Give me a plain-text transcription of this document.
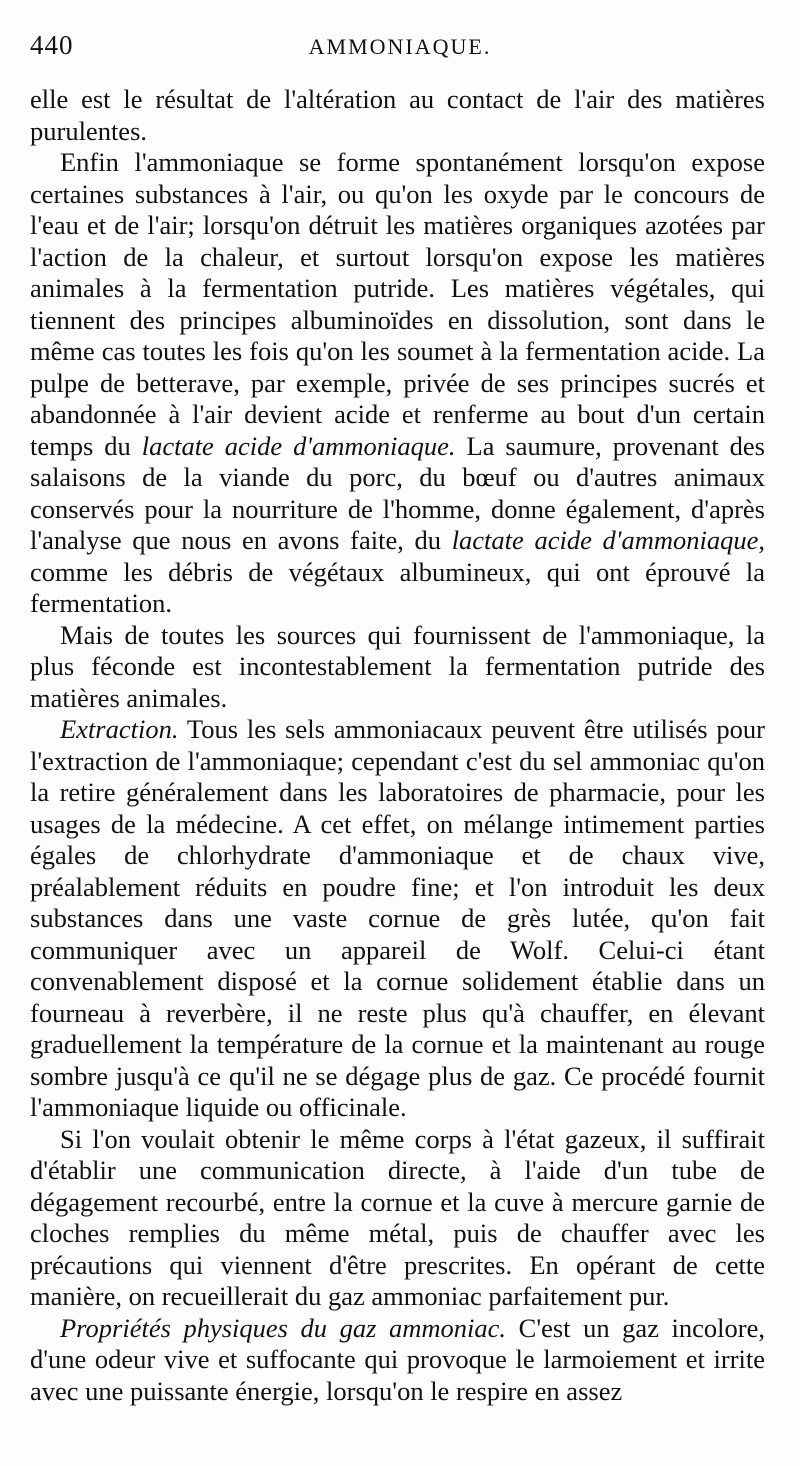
440	AMMONIAQUE.

elle est le résultat de l'altération au contact de l'air des matières purulentes.

Enfin l'ammoniaque se forme spontanément lorsqu'on expose certaines substances à l'air, ou qu'on les oxyde par le concours de l'eau et de l'air; lorsqu'on détruit les matières organiques azotées par l'action de la chaleur, et surtout lorsqu'on expose les matières animales à la fermentation putride. Les matières végétales, qui tiennent des principes albuminoïdes en dissolution, sont dans le même cas toutes les fois qu'on les soumet à la fermentation acide. La pulpe de betterave, par exemple, privée de ses principes sucrés et abandonnée à l'air devient acide et renferme au bout d'un certain temps du lactate acide d'ammoniaque. La saumure, provenant des salaisons de la viande du porc, du bœuf ou d'autres animaux conservés pour la nourriture de l'homme, donne également, d'après l'analyse que nous en avons faite, du lactate acide d'ammoniaque, comme les débris de végétaux albumineux, qui ont éprouvé la fermentation.

Mais de toutes les sources qui fournissent de l'ammoniaque, la plus féconde est incontestablement la fermentation putride des matières animales.

Extraction. Tous les sels ammoniacaux peuvent être utilisés pour l'extraction de l'ammoniaque; cependant c'est du sel ammoniac qu'on la retire généralement dans les laboratoires de pharmacie, pour les usages de la médecine. A cet effet, on mélange intimement parties égales de chlorhydrate d'ammoniaque et de chaux vive, préalablement réduits en poudre fine; et l'on introduit les deux substances dans une vaste cornue de grès lutée, qu'on fait communiquer avec un appareil de Wolf. Celui-ci étant convenablement disposé et la cornue solidement établie dans un fourneau à reverbère, il ne reste plus qu'à chauffer, en élevant graduellement la température de la cornue et la maintenant au rouge sombre jusqu'à ce qu'il ne se dégage plus de gaz. Ce procédé fournit l'ammoniaque liquide ou officinale.

Si l'on voulait obtenir le même corps à l'état gazeux, il suffirait d'établir une communication directe, à l'aide d'un tube de dégagement recourbé, entre la cornue et la cuve à mercure garnie de cloches remplies du même métal, puis de chauffer avec les précautions qui viennent d'être prescrites. En opérant de cette manière, on recueillerait du gaz ammoniac parfaitement pur.

Propriétés physiques du gaz ammoniac. C'est un gaz incolore, d'une odeur vive et suffocante qui provoque le larmoiement et irrite avec une puissante énergie, lorsqu'on le respire en assez
